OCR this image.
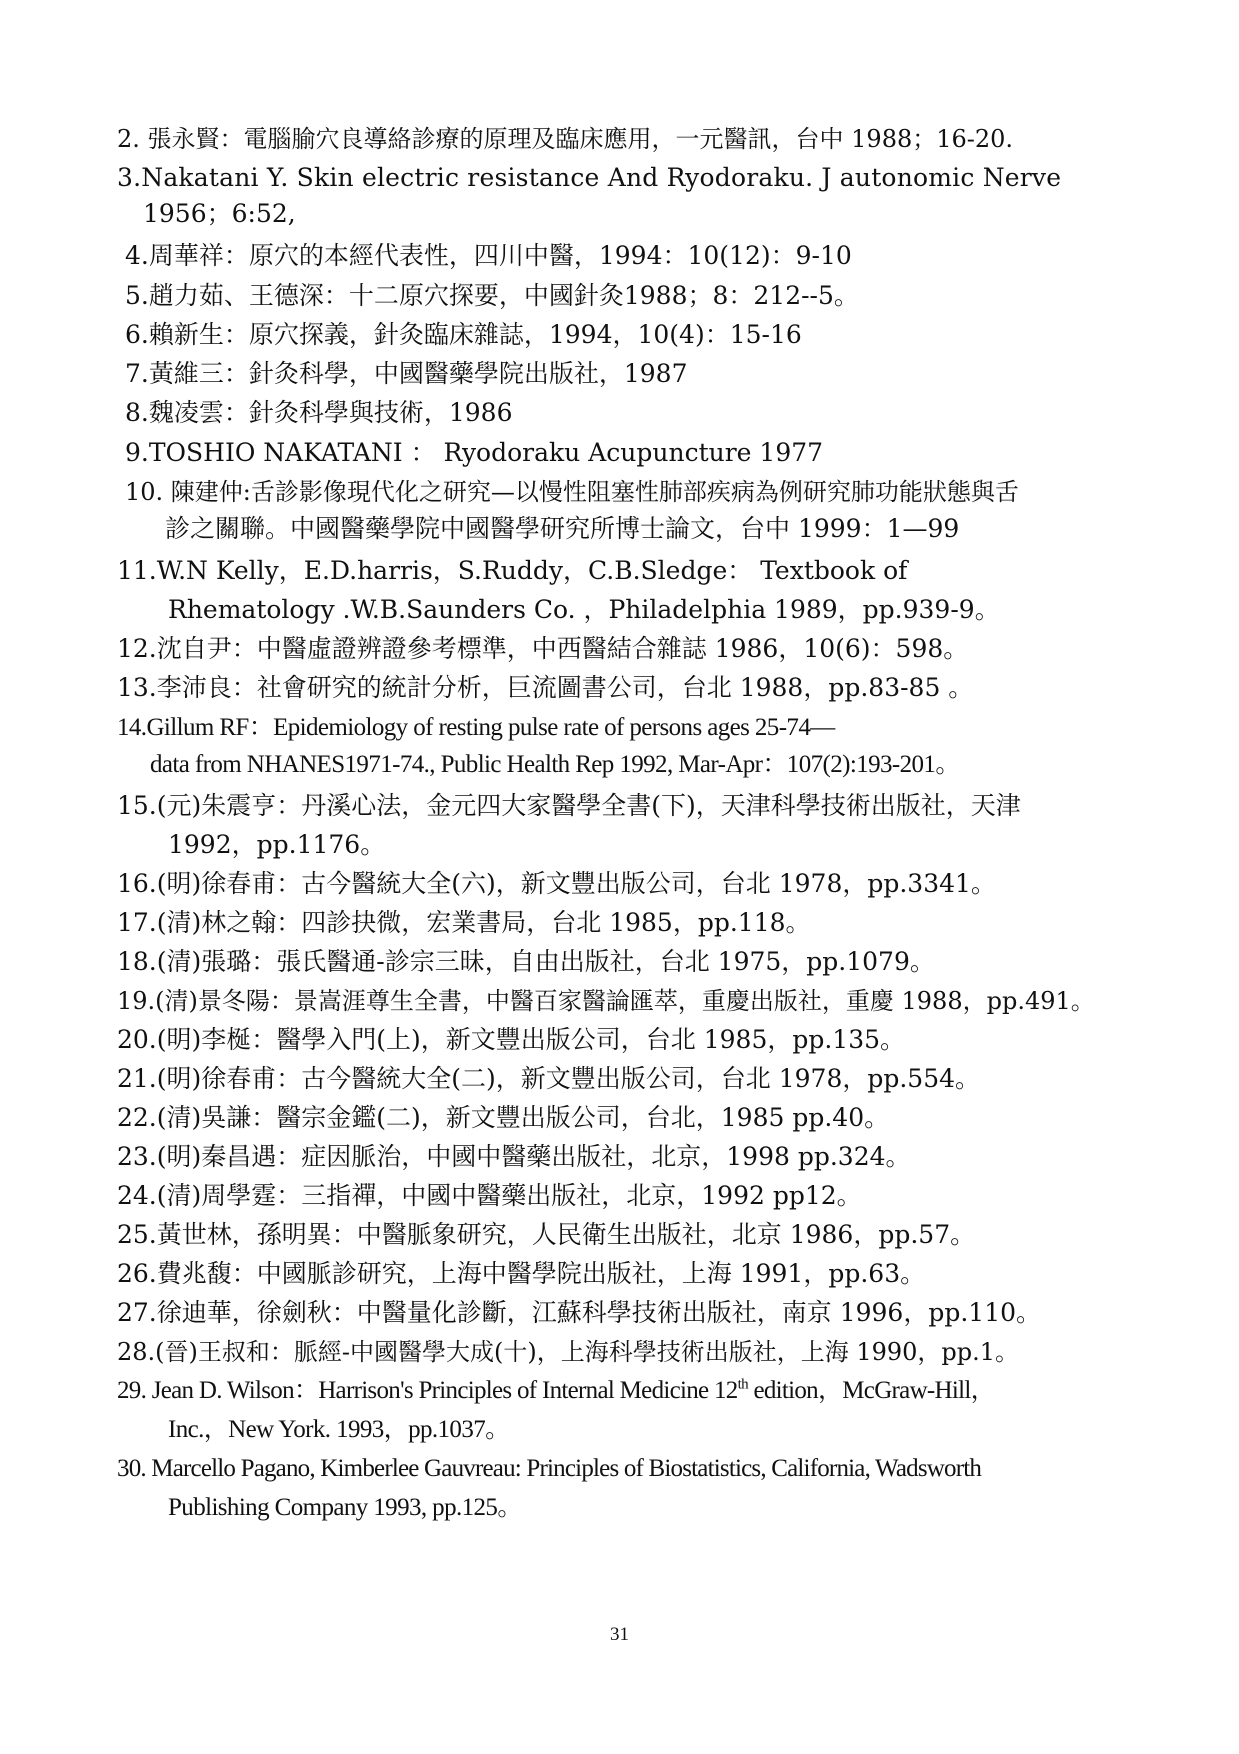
2. 張永賢：電腦腧穴良導絡診療的原理及臨床應用，一元醫訊，台中 1988；16-20.
3.Nakatani Y. Skin electric resistance And Ryodoraku. J autonomic Nerve
1956；6:52,
4.周華祥：原穴的本經代表性，四川中醫，1994：10(12)：9-10
5.趙力茹、王德深：十二原穴探要，中國針灸1988；8：212--5。
6.賴新生：原穴探義，針灸臨床雜誌，1994，10(4)：15-16
7.黃維三：針灸科學，中國醫藥學院出版社，1987
8.魏凌雲：針灸科學與技術，1986
9.TOSHIO NAKATANI ： Ryodoraku Acupuncture 1977
10. 陳建仲:舌診影像現代化之研究—以慢性阻塞性肺部疾病為例研究肺功能狀態與舌
診之關聯。中國醫藥學院中國醫學研究所博士論文，台中 1999：1—99
11.W.N Kelly，E.D.harris，S.Ruddy，C.B.Sledge： Textbook of
Rhematology .W.B.Saunders Co. ，Philadelphia 1989，pp.939-9。
12.沈自尹：中醫虛證辨證參考標準，中西醫結合雜誌 1986，10(6)：598。
13.李沛良：社會研究的統計分析，巨流圖書公司，台北 1988，pp.83-85 。
14.Gillum RF：Epidemiology of resting pulse rate of persons ages 25-74—
data from NHANES1971-74., Public Health Rep 1992, Mar-Apr：107(2):193-201。
15.(元)朱震亨：丹溪心法，金元四大家醫學全書(下)，天津科學技術出版社，天津
1992，pp.1176。
16.(明)徐春甫：古今醫統大全(六)，新文豐出版公司，台北 1978，pp.3341。
17.(清)林之翰：四診抉微，宏業書局，台北 1985，pp.118。
18.(清)張璐：張氏醫通-診宗三昧，自由出版社，台北 1975，pp.1079。
19.(清)景冬陽：景嵩涯尊生全書，中醫百家醫論匯萃，重慶出版社，重慶 1988，pp.491。
20.(明)李梴：醫學入門(上)，新文豐出版公司，台北 1985，pp.135。
21.(明)徐春甫：古今醫統大全(二)，新文豐出版公司，台北 1978，pp.554。
22.(清)吳謙：醫宗金鑑(二)，新文豐出版公司，台北，1985 pp.40。
23.(明)秦昌遇：症因脈治，中國中醫藥出版社，北京，1998 pp.324。
24.(清)周學霆：三指禪，中國中醫藥出版社，北京，1992 pp12。
25.黃世林，孫明異：中醫脈象研究，人民衛生出版社，北京 1986，pp.57。
26.費兆馥：中國脈診研究，上海中醫學院出版社，上海 1991，pp.63。
27.徐迪華，徐劍秋：中醫量化診斷，江蘇科學技術出版社，南京 1996，pp.110。
28.(晉)王叔和：脈經-中國醫學大成(十)，上海科學技術出版社，上海 1990，pp.1。
29. Jean D. Wilson：Harrison's Principles of Internal Medicine 12th edition，McGraw-Hill，
Inc.，New York. 1993，pp.1037。
30. Marcello Pagano, Kimberlee Gauvreau: Principles of Biostatistics, California, Wadsworth
Publishing Company 1993, pp.125。
31
